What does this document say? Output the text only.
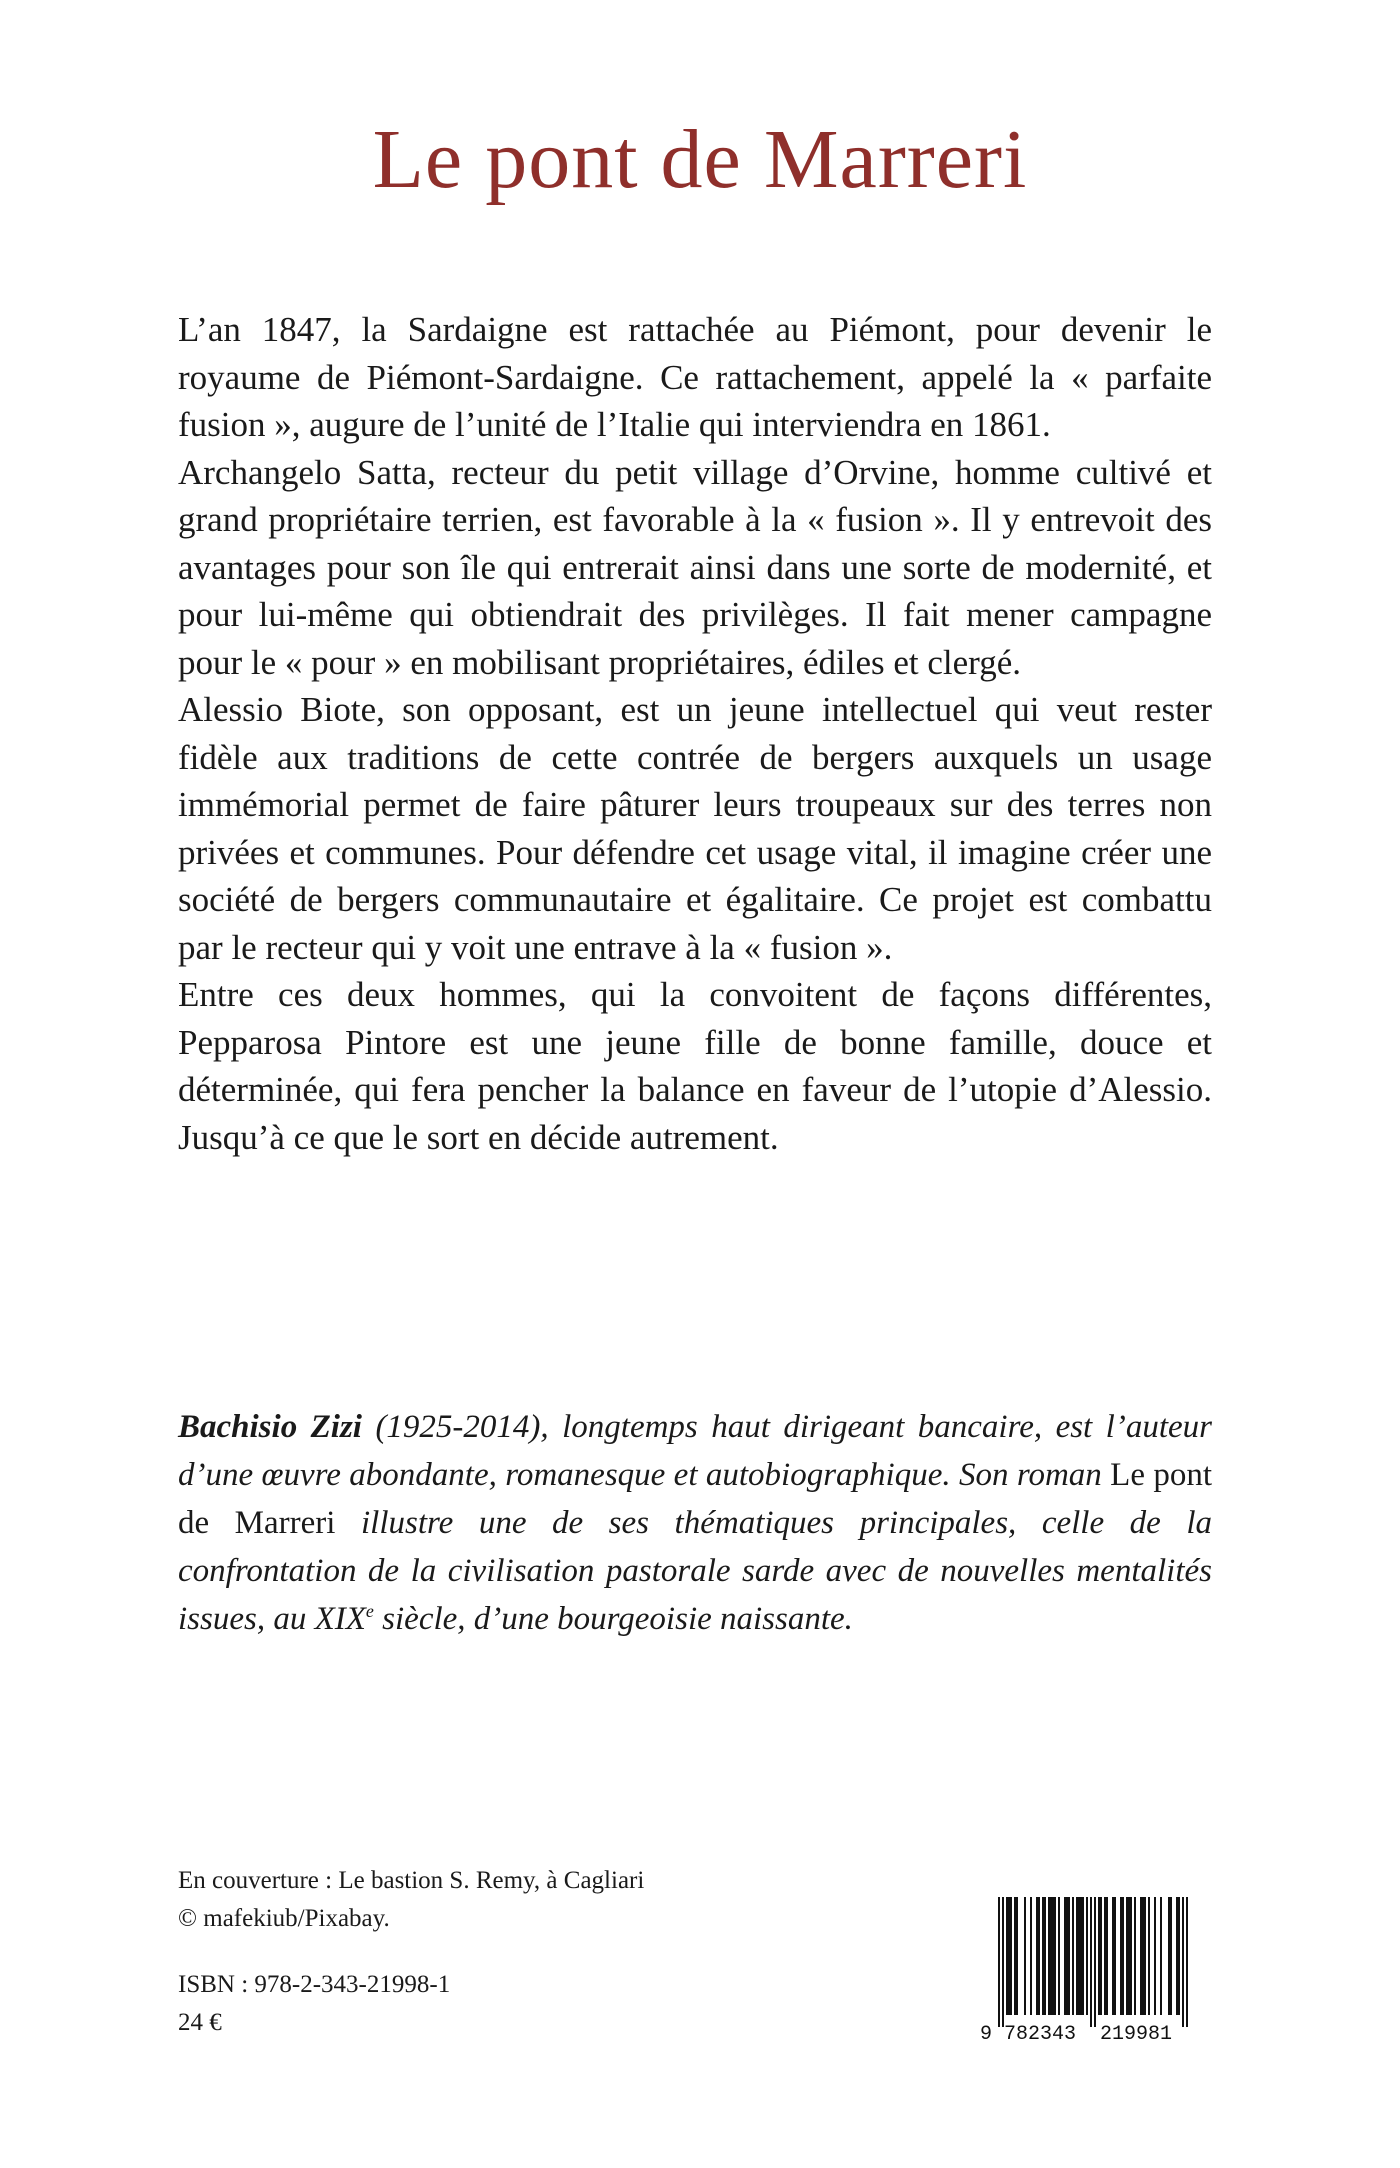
Le pont de Marreri

L’an 1847, la Sardaigne est rattachée au Piémont, pour devenir le royaume de Piémont-Sardaigne. Ce rattachement, appelé la « parfaite fusion », augure de l’unité de l’Italie qui interviendra en 1861.

Archangelo Satta, recteur du petit village d’Orvine, homme cultivé et grand propriétaire terrien, est favorable à la « fusion ». Il y entrevoit des avantages pour son île qui entrerait ainsi dans une sorte de modernité, et pour lui-même qui obtiendrait des privilèges. Il fait mener campagne pour le « pour » en mobilisant propriétaires, édiles et clergé.

Alessio Biote, son opposant, est un jeune intellectuel qui veut rester fidèle aux traditions de cette contrée de bergers auxquels un usage immémorial permet de faire pâturer leurs troupeaux sur des terres non privées et communes. Pour défendre cet usage vital, il imagine créer une société de bergers communautaire et égalitaire. Ce projet est combattu par le recteur qui y voit une entrave à la « fusion ».

Entre ces deux hommes, qui la convoitent de façons différentes, Pepparosa Pintore est une jeune fille de bonne famille, douce et déterminée, qui fera pencher la balance en faveur de l’utopie d’Alessio. Jusqu’à ce que le sort en décide autrement.

Bachisio Zizi (1925-2014), longtemps haut dirigeant bancaire, est l’auteur d’une œuvre abondante, romanesque et autobiographique. Son roman Le pont de Marreri illustre une de ses thématiques principales, celle de la confrontation de la civilisation pastorale sarde avec de nouvelles mentalités issues, au XIXe siècle, d’une bourgeoisie naissante.

En couverture : Le bastion S. Remy, à Cagliari
© mafekiub/Pixabay.
ISBN : 978-2-343-21998-1
24 €	9 782343 219981
